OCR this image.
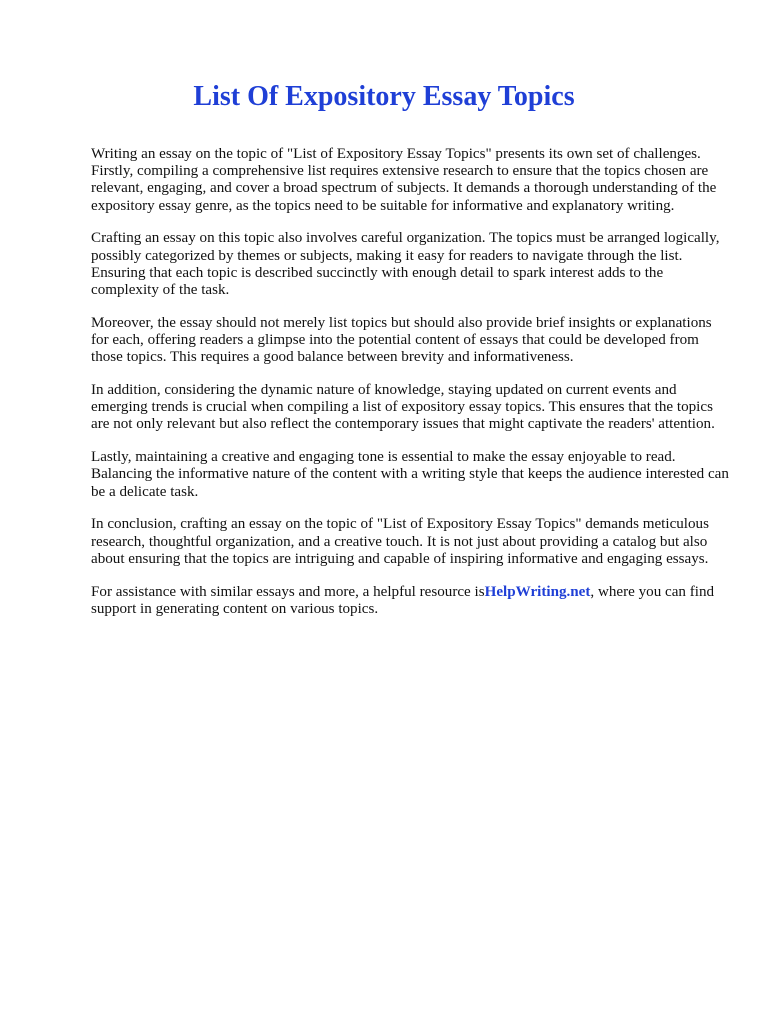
List Of Expository Essay Topics

Writing an essay on the topic of "List of Expository Essay Topics" presents its own set of challenges. Firstly, compiling a comprehensive list requires extensive research to ensure that the topics chosen are relevant, engaging, and cover a broad spectrum of subjects. It demands a thorough understanding of the expository essay genre, as the topics need to be suitable for informative and explanatory writing.

Crafting an essay on this topic also involves careful organization. The topics must be arranged logically, possibly categorized by themes or subjects, making it easy for readers to navigate through the list. Ensuring that each topic is described succinctly with enough detail to spark interest adds to the complexity of the task.

Moreover, the essay should not merely list topics but should also provide brief insights or explanations for each, offering readers a glimpse into the potential content of essays that could be developed from those topics. This requires a good balance between brevity and informativeness.

In addition, considering the dynamic nature of knowledge, staying updated on current events and emerging trends is crucial when compiling a list of expository essay topics. This ensures that the topics are not only relevant but also reflect the contemporary issues that might captivate the readers' attention.

Lastly, maintaining a creative and engaging tone is essential to make the essay enjoyable to read. Balancing the informative nature of the content with a writing style that keeps the audience interested can be a delicate task.

In conclusion, crafting an essay on the topic of "List of Expository Essay Topics" demands meticulous research, thoughtful organization, and a creative touch. It is not just about providing a catalog but also about ensuring that the topics are intriguing and capable of inspiring informative and engaging essays.

For assistance with similar essays and more, a helpful resource isHelpWriting.net, where you can find support in generating content on various topics.
